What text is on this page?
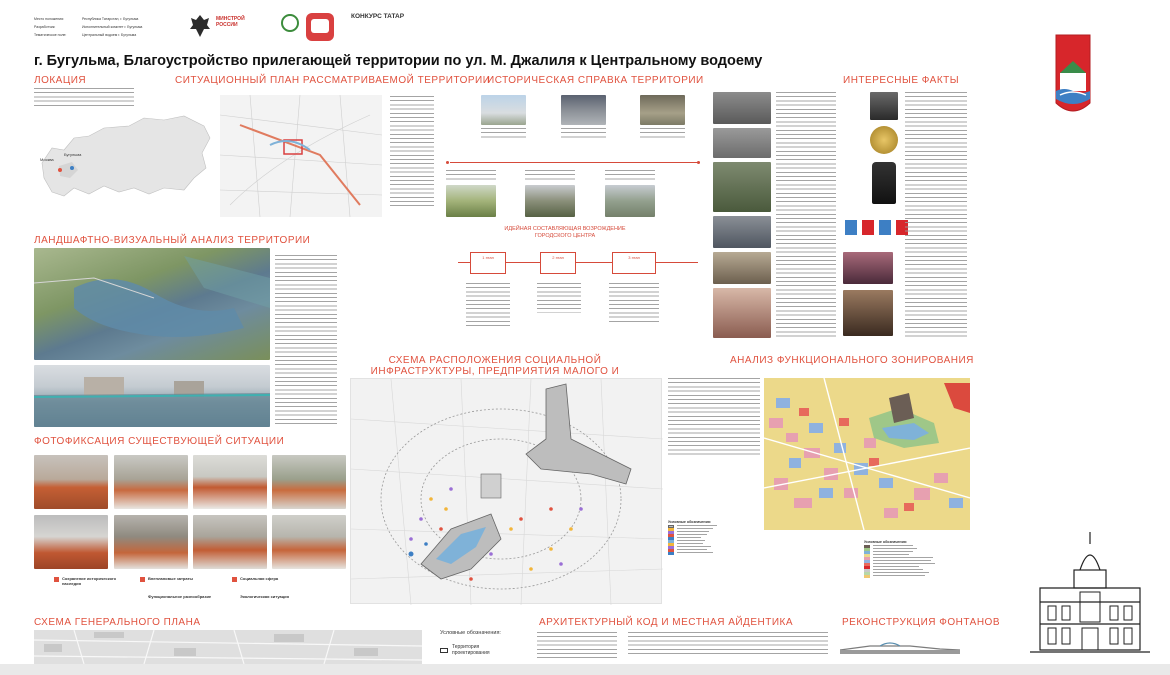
Место положения:	Республика Татарстан, г. Бугульма
Разработчик:	Исполнительный комитет г. Бугульма
Тематическое поле:	Центральный водоем г. Бугульма
МИНСТРОЙ РОССИИ
КОНКУРС ТАТАР
г. Бугульма, Благоустройство прилегающей территории по ул. М. Джалиля к Центральному водоему
ЛОКАЦИЯ	СИТУАЦИОННЫЙ ПЛАН РАССМАТРИВАЕМОЙ ТЕРРИТОРИИ
ИСТОРИЧЕСКАЯ СПРАВКА ТЕРРИТОРИИ	ИНТЕРЕСНЫЕ ФАКТЫ
ЛАНДШАФТНО-ВИЗУАЛЬНЫЙ АНАЛИЗ ТЕРРИТОРИИ
СХЕМА РАСПОЛОЖЕНИЯ СОЦИАЛЬНОЙ ИНФРАСТРУКТУРЫ, ПРЕДПРИЯТИЯ МАЛОГО И
АНАЛИЗ ФУНКЦИОНАЛЬНОГО ЗОНИРОВАНИЯ
ФОТОФИКСАЦИЯ СУЩЕСТВУЮЩЕЙ СИТУАЦИИ
СХЕМА ГЕНЕРАЛЬНОГО ПЛАНА	АРХИТЕКТУРНЫЙ КОД И МЕСТНАЯ АЙДЕНТИКА	РЕКОНСТРУКЦИЯ ФОНТАНОВ
Москва
Бугульма
ИДЕЙНАЯ СОСТАВЛЯЮЩАЯ ВОЗРОЖДЕНИЕ ГОРОДСКОГО ЦЕНТРА
1 этап	2 этап	3 этап
Сохранение исторического наследия
Внеплановые затраты	Социальная сфера
Функциональное разнообразие	Экологическая ситуация
Условные обозначения:
Условные обозначения:
Условные обозначения:
Территория проектирования
